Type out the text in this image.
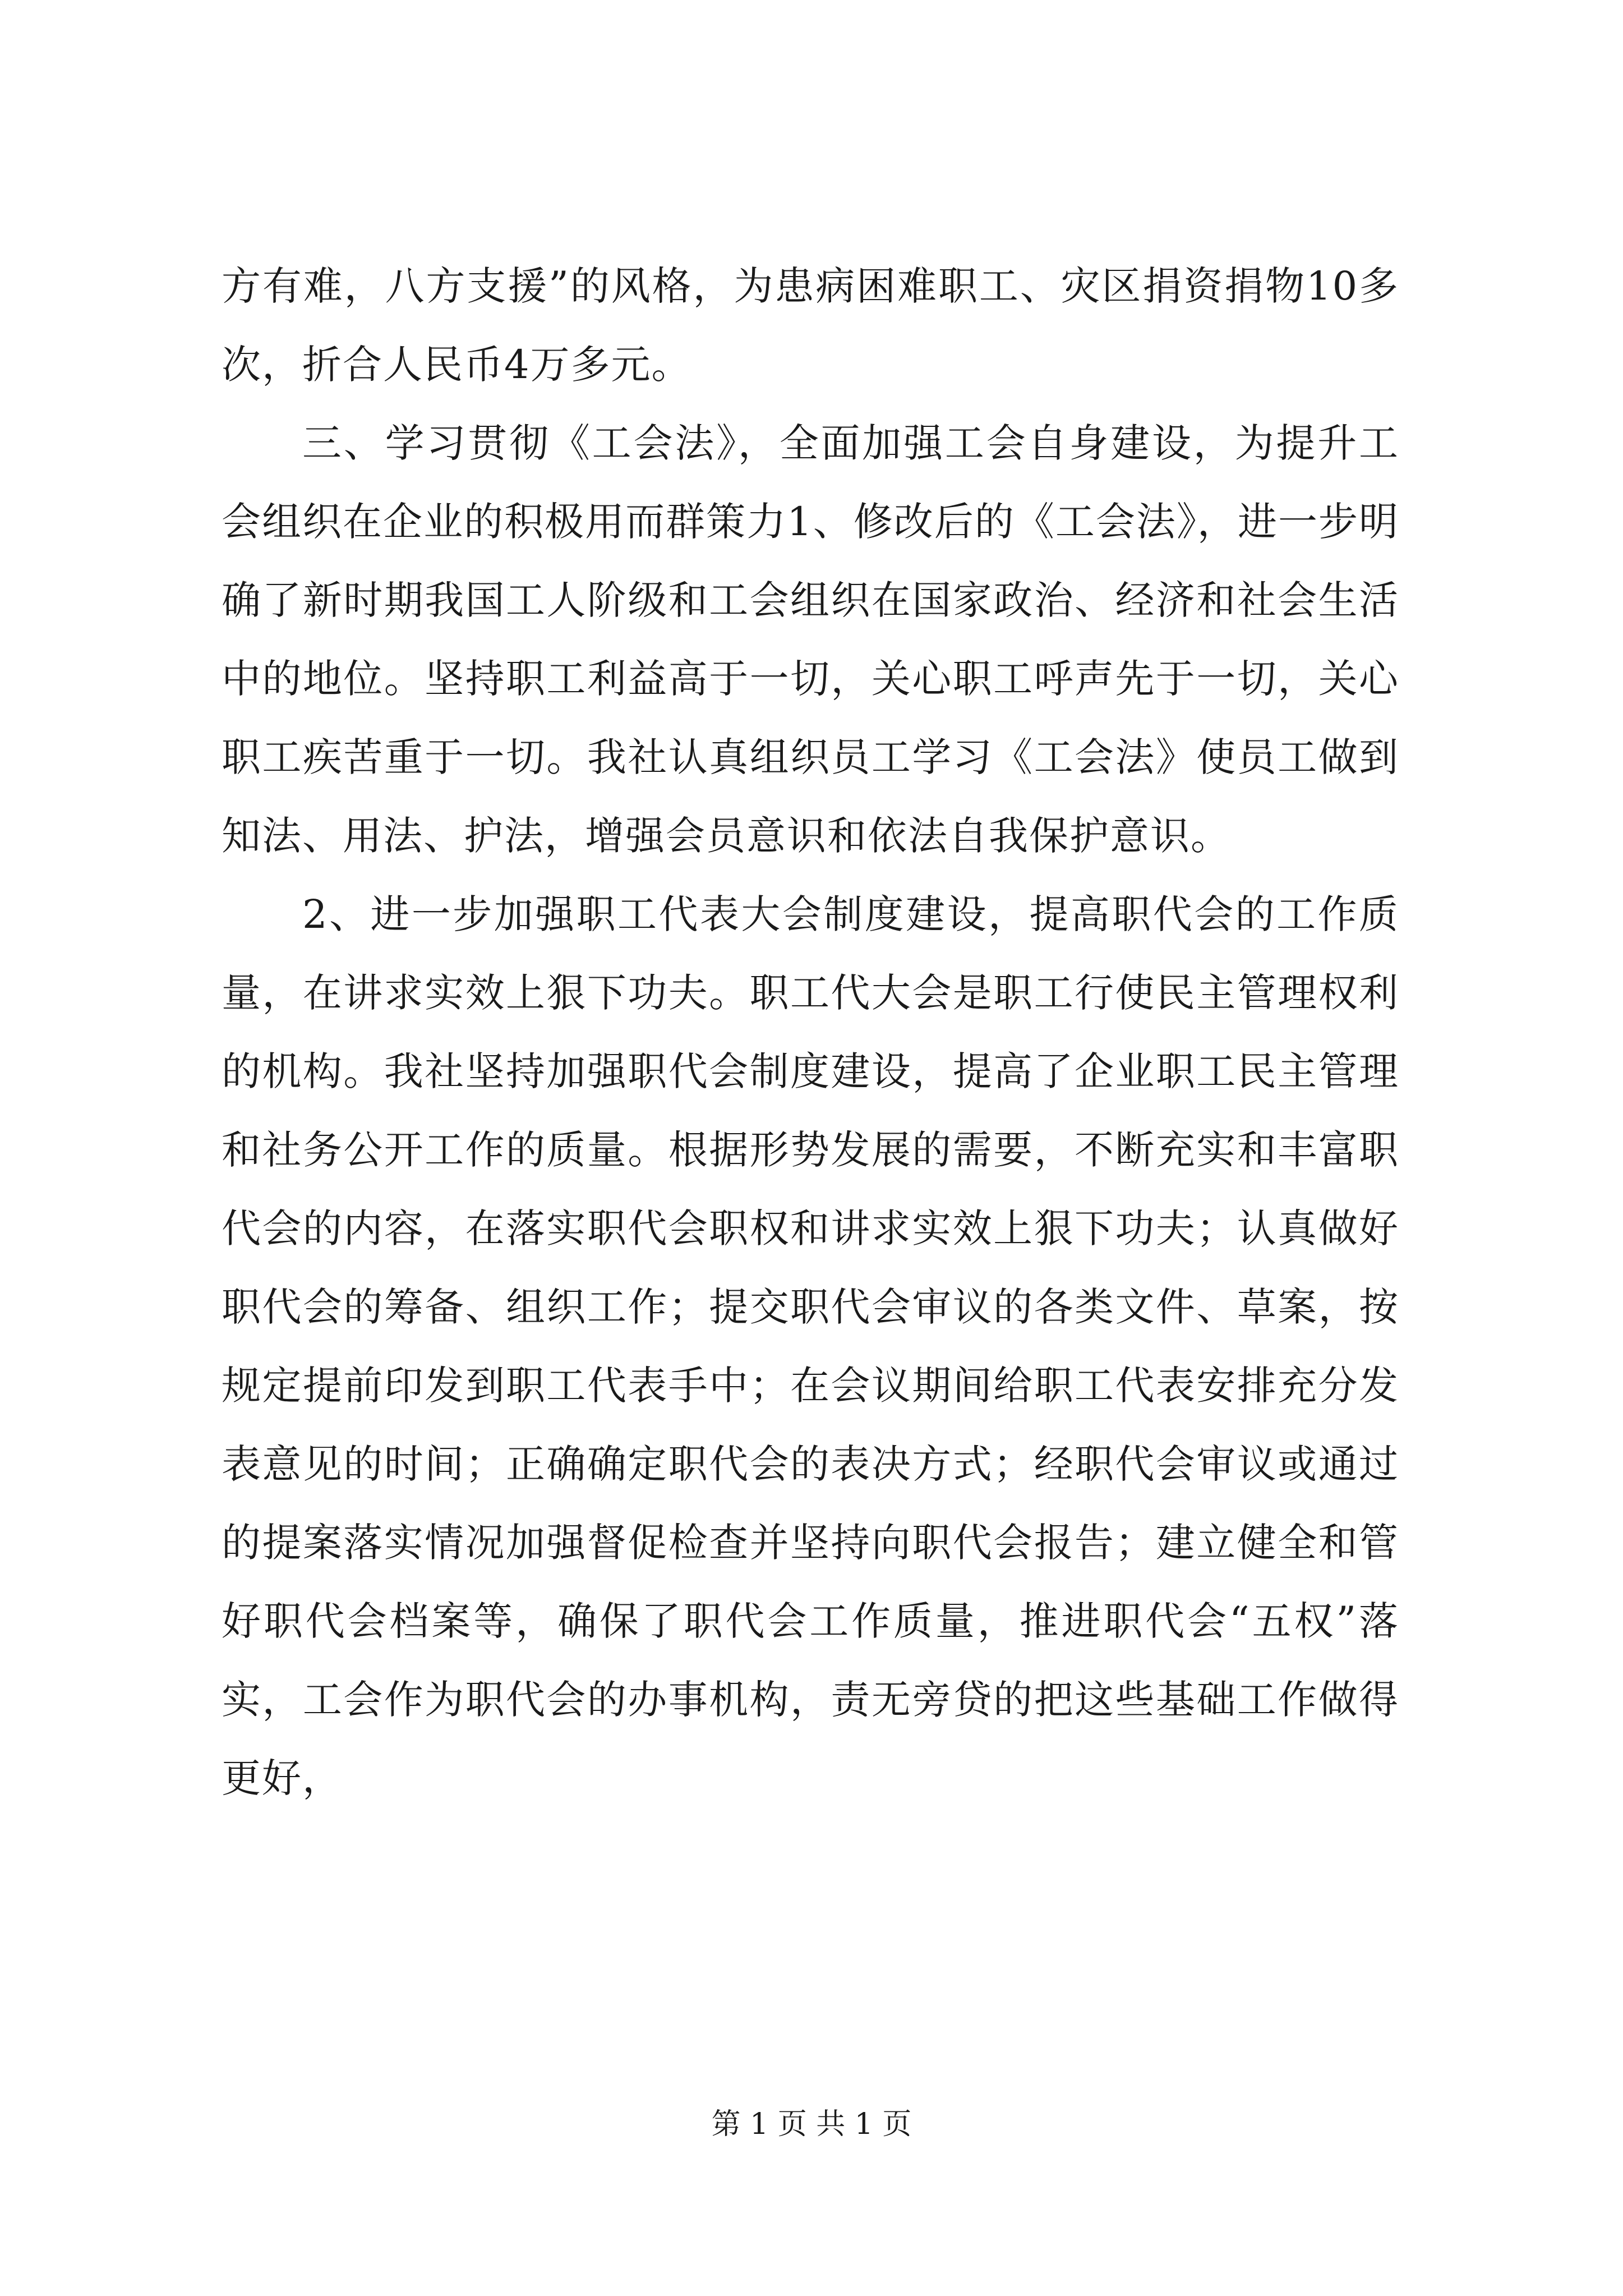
方有难，八方支援”的风格，为患病困难职工、灾区捐资捐物10多次，折合人民币4万多元。

三、学习贯彻《工会法》，全面加强工会自身建设，为提升工会组织在企业的积极用而群策力1、修改后的《工会法》，进一步明确了新时期我国工人阶级和工会组织在国家政治、经济和社会生活中的地位。坚持职工利益高于一切，关心职工呼声先于一切，关心职工疾苦重于一切。我社认真组织员工学习《工会法》使员工做到知法、用法、护法，增强会员意识和依法自我保护意识。

2、进一步加强职工代表大会制度建设，提高职代会的工作质量，在讲求实效上狠下功夫。职工代大会是职工行使民主管理权利的机构。我社坚持加强职代会制度建设，提高了企业职工民主管理和社务公开工作的质量。根据形势发展的需要，不断充实和丰富职代会的内容，在落实职代会职权和讲求实效上狠下功夫；认真做好职代会的筹备、组织工作；提交职代会审议的各类文件、草案，按规定提前印发到职工代表手中；在会议期间给职工代表安排充分发表意见的时间；正确确定职代会的表决方式；经职代会审议或通过的提案落实情况加强督促检查并坚持向职代会报告；建立健全和管好职代会档案等，确保了职代会工作质量，推进职代会“五权”落实，工会作为职代会的办事机构，责无旁贷的把这些基础工作做得更好，

第 1 页 共 1 页
